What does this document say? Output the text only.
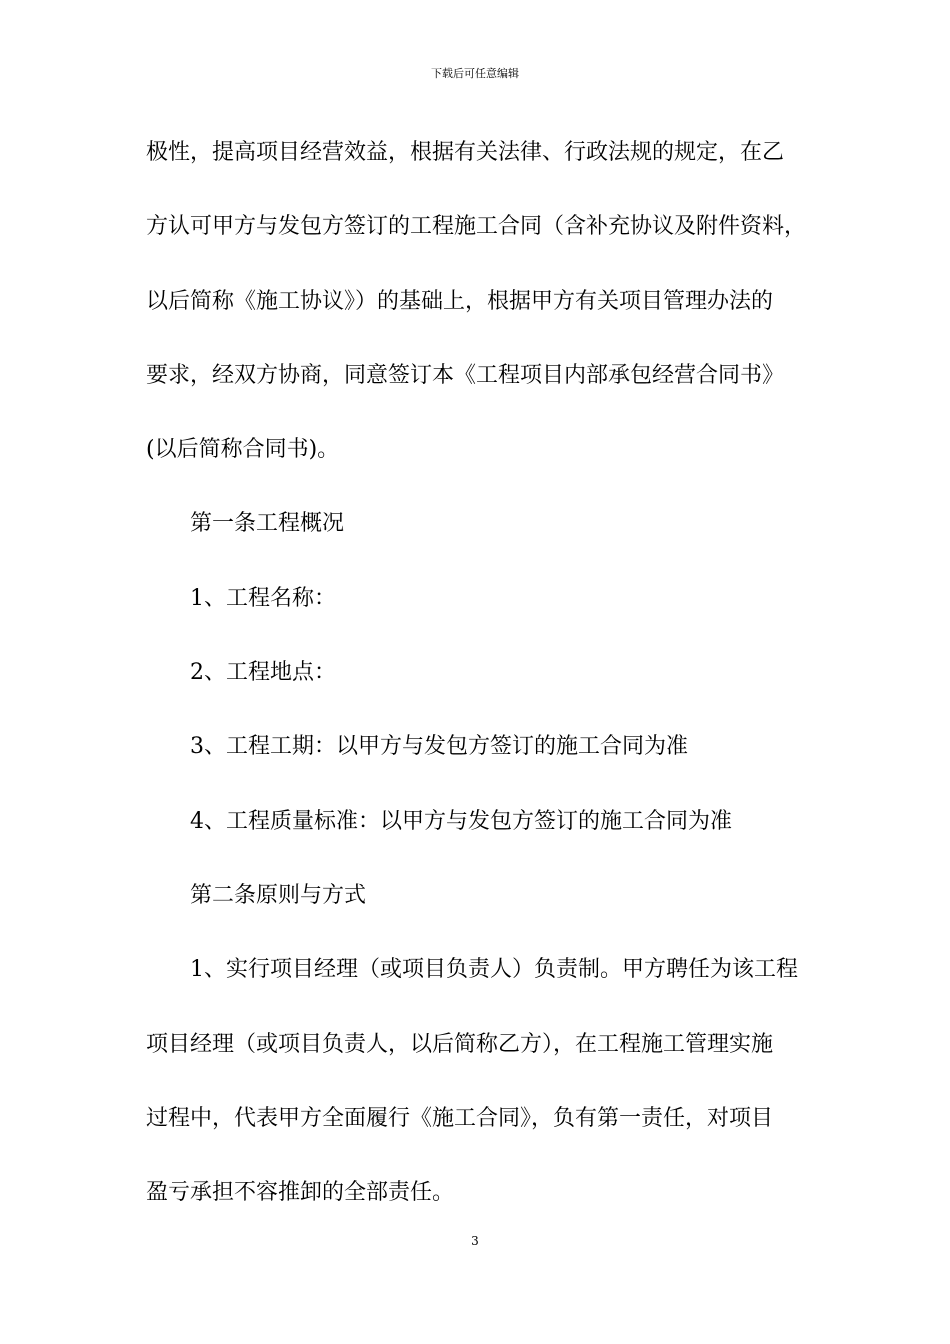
下载后可任意编辑
极性，提高项目经营效益，根据有关法律、行政法规的规定，在乙
方认可甲方与发包方签订的工程施工合同（含补充协议及附件资料，
以后简称《施工协议》）的基础上，根据甲方有关项目管理办法的
要求，经双方协商，同意签订本《工程项目内部承包经营合同书》
(以后简称合同书)。
第一条工程概况
1、工程名称：
2、工程地点：
3、工程工期：以甲方与发包方签订的施工合同为准
4、工程质量标准：以甲方与发包方签订的施工合同为准
第二条原则与方式
1、实行项目经理（或项目负责人）负责制。甲方聘任为该工程
项目经理（或项目负责人，以后简称乙方），在工程施工管理实施
过程中，代表甲方全面履行《施工合同》，负有第一责任，对项目
盈亏承担不容推卸的全部责任。
3
